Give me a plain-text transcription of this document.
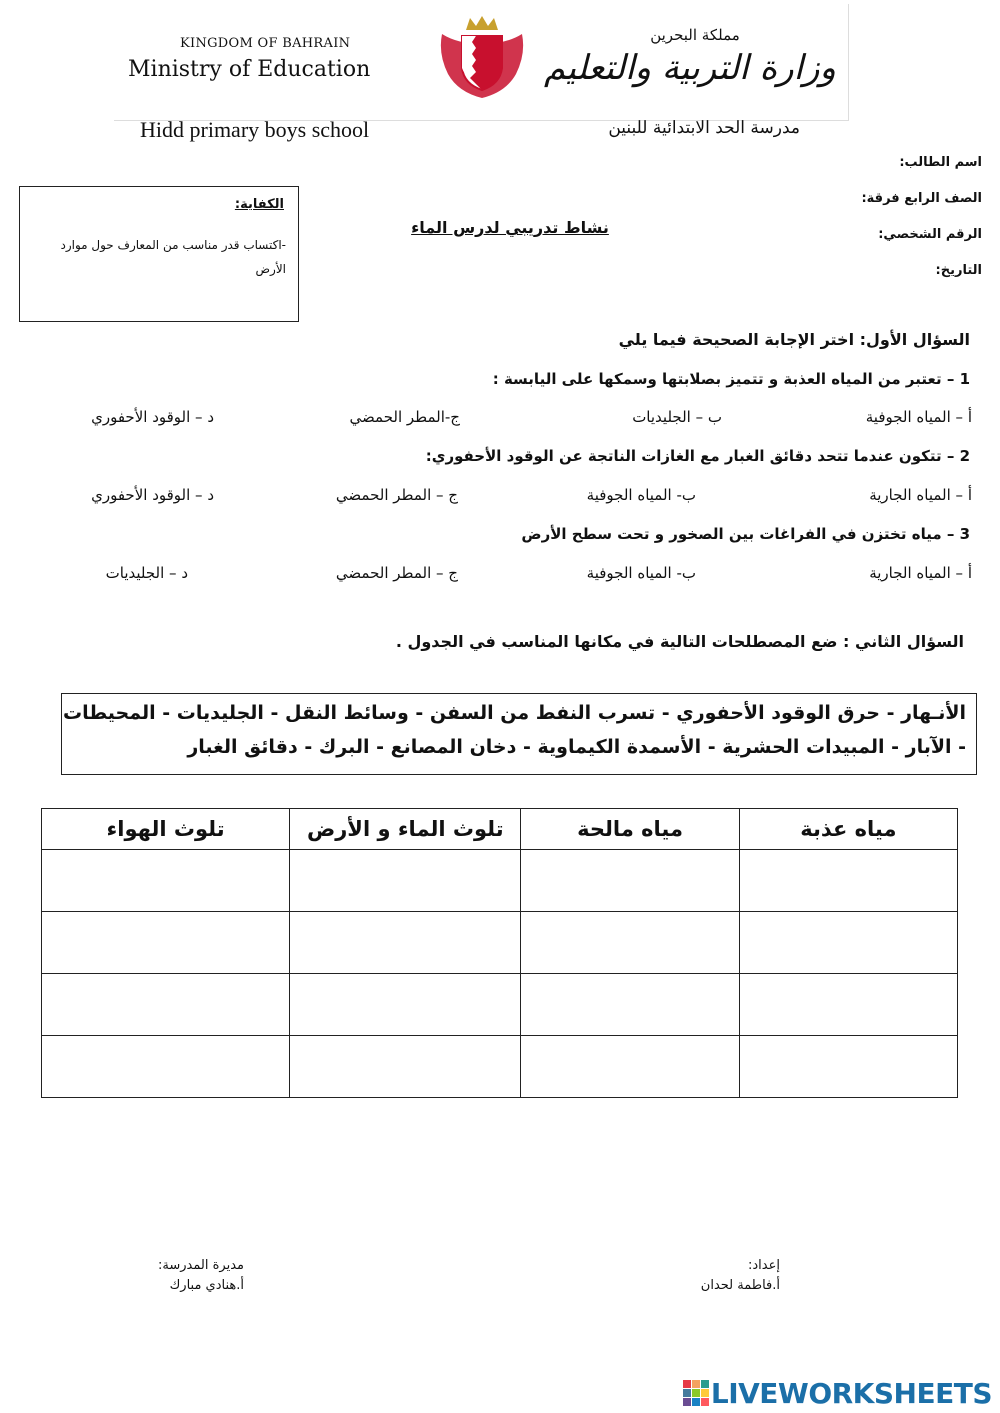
KINGDOM OF BAHRAIN
Ministry of Education
مملكة البحرين
وزارة التربية والتعليم
Hidd primary boys school	مدرسة الحد الابتدائية للبنين
اسم الطالب:
الصف الرابع فرقة:
الرقم الشخصي:
التاريخ:
الكفاية:
-اكتساب قدر مناسب من المعارف حول موارد الأرض
نشاط تدريبي لدرس الماء
السؤال الأول: اختر الإجابة الصحيحة فيما يلي
1 – تعتبر من المياه العذبة و تتميز بصلابتها وسمكها على اليابسة :
أ – المياه الجوفية
ب – الجليديات
ج-المطر الحمضي
د – الوقود الأحفوري
2 – تتكون عندما تتحد دقائق الغبار مع الغازات الناتجة عن الوقود الأحفوري:
أ – المياه الجارية
ب- المياه الجوفية
ج – المطر الحمضي
د – الوقود الأحفوري
3 – مياه تختزن في الفراغات بين الصخور و تحت سطح الأرض
أ – المياه الجارية
ب- المياه الجوفية
ج – المطر الحمضي
د – الجليديات
السؤال الثاني : ضع المصطلحات التالية في مكانها المناسب في الجدول .
الأنـهار - حرق الوقود الأحفوري - تسرب النفط من السفن - وسائط النقل - الجليديات - المحيطات
- الآبار - المبيدات الحشرية - الأسمدة الكيماوية - دخان المصانع - البرك - دقائق الغبار
تلوث الهواء	تلوث الماء و الأرض	مياه مالحة	مياه عذبة

إعداد:
أ.فاطمة لحدان
مديرة المدرسة:
أ.هنادي مبارك
LIVEWORKSHEETS
